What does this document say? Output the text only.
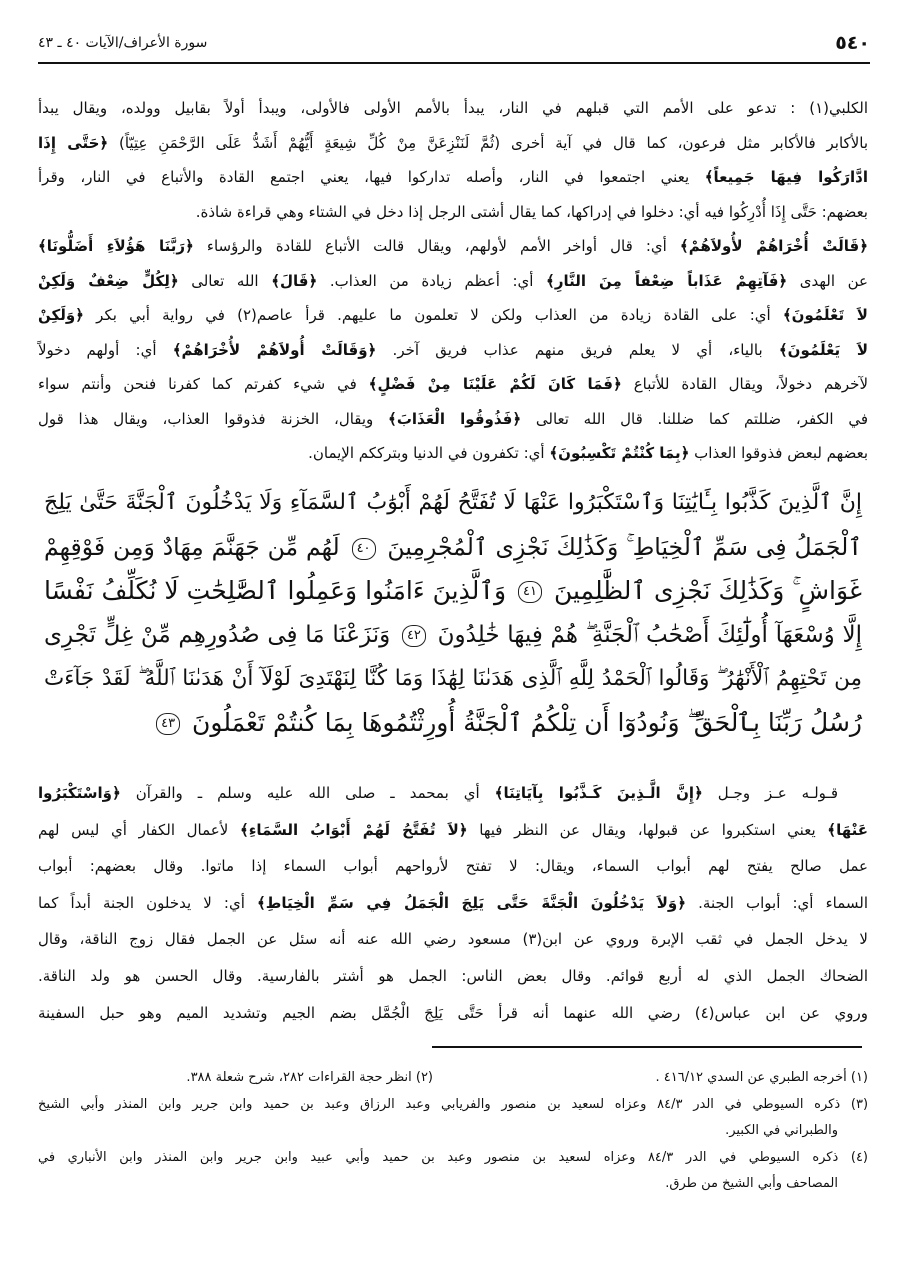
٥٤٠
سورة الأعراف/الآيات ٤٠ ـ ٤٣
الكلبي(١) : تدعو على الأمم التي قبلهم في النار، يبدأ بالأمم الأولى فالأولى، ويبدأ أولاً بقابيل وولده، ويقال يبدأ
بالأكابر فالأكابر مثل فرعون، كما قال في آية أخرى (ثُمَّ لَنَنْزِعَنَّ مِنْ كُلِّ شِيعَةٍ أَيُّهُمْ أَشَدُّ عَلَى الرَّحْمَنِ عِتِيّاً) ﴿حَتَّى إِذَا
ادَّارَكُوا فِيهَا جَمِيعاً﴾ يعني اجتمعوا في النار، وأصله تداركوا فيها، يعني اجتمع القادة والأتباع في النار، وقرأ
بعضهم: حَتَّى إِذَا أُدْرِكُوا فيه أي: دخلوا في إدراكها، كما يقال أشتى الرجل إذا دخل في الشتاء وهي قراءة شاذة.
﴿قَالَتْ أُخْرَاهُمْ لأُولاَهُمْ﴾ أي: قال أواخر الأمم لأولهم، ويقال قالت الأتباع للقادة والرؤساء ﴿رَبَّنَا هَؤُلاَءِ أَضَلُّونَا﴾
عن الهدى ﴿فَآتِهِمْ عَذَاباً ضِعْفاً مِنَ النَّارِ﴾ أي: أعظم زيادة من العذاب. ﴿قَالَ﴾ الله تعالى ﴿لِكُلٍّ ضِعْفٌ وَلَكِنْ
لاَ تَعْلَمُونَ﴾ أي: على القادة زيادة من العذاب ولكن لا تعلمون ما عليهم. قرأ عاصم(٢) في رواية أبي بكر ﴿وَلَكِنْ
لاَ يَعْلَمُونَ﴾ بالياء، أي لا يعلم فريق منهم عذاب فريق آخر. ﴿وَقَالَتْ أُولاَهُمْ لأُخْرَاهُمْ﴾ أي: أولهم دخولاً
لآخرهم دخولاً، ويقال القادة للأتباع ﴿فَمَا كَانَ لَكُمْ عَلَيْنَا مِنْ فَضْلٍ﴾ في شيء كفرتم كما كفرنا فنحن وأنتم سواء
في الكفر، ضللتم كما ضللنا. قال الله تعالى ﴿فَذُوقُوا الْعَذَابَ﴾ ويقال، الخزنة فذوقوا العذاب، ويقال هذا قول
بعضهم لبعض فذوقوا العذاب ﴿بِمَا كُنْتُمْ تَكْسِبُونَ﴾ أي: تكفرون في الدنيا وبترككم الإيمان.
إِنَّ ٱلَّذِينَ كَذَّبُوا بِـَٔايَٰتِنَا وَٱسْتَكْبَرُوا عَنْهَا لَا تُفَتَّحُ لَهُمْ أَبْوَٰبُ ٱلسَّمَآءِ وَلَا يَدْخُلُونَ ٱلْجَنَّةَ حَتَّىٰ يَلِجَ
ٱلْجَمَلُ فِى سَمِّ ٱلْخِيَاطِ ۚ وَكَذَٰلِكَ نَجْزِى ٱلْمُجْرِمِينَ ٤٠ لَهُم مِّن جَهَنَّمَ مِهَادٌ وَمِن فَوْقِهِمْ
غَوَاشٍ ۚ وَكَذَٰلِكَ نَجْزِى ٱلظَّٰلِمِينَ ٤١ وَٱلَّذِينَ ءَامَنُوا وَعَمِلُوا ٱلصَّٰلِحَٰتِ لَا نُكَلِّفُ نَفْسًا
إِلَّا وُسْعَهَآ أُولَٰٓئِكَ أَصْحَٰبُ ٱلْجَنَّةِ ۖ هُمْ فِيهَا خَٰلِدُونَ ٤٢ وَنَزَعْنَا مَا فِى صُدُورِهِم مِّنْ غِلٍّ تَجْرِى
مِن تَحْتِهِمُ ٱلْأَنْهَٰرُ ۖ وَقَالُوا ٱلْحَمْدُ لِلَّهِ ٱلَّذِى هَدَىٰنَا لِهَٰذَا وَمَا كُنَّا لِنَهْتَدِىَ لَوْلَآ أَنْ هَدَىٰنَا ٱللَّهُ ۖ لَقَدْ جَآءَتْ
رُسُلُ رَبِّنَا بِٱلْحَقِّ ۖ وَنُودُوٓا أَن تِلْكُمُ ٱلْجَنَّةُ أُورِثْتُمُوهَا بِمَا كُنتُمْ تَعْمَلُونَ ٤٣
قـولـه عـز وجـل ﴿إِنَّ الَّـذِينَ كَـذَّبُوا بِآيَاتِنَا﴾ أي بمحمد ـ صلى الله عليه وسلم ـ والقرآن ﴿وَاسْتَكْبَرُوا
عَنْهَا﴾ يعني استكبروا عن قبولها، ويقال عن النظر فيها ﴿لاَ تُفَتَّحُ لَهُمْ أَبْوَابُ السَّمَاءِ﴾ لأعمال الكفار أي ليس لهم
عمل صالح يفتح لهم أبواب السماء، ويقال: لا تفتح لأرواحهم أبواب السماء إذا ماتوا. وقال بعضهم: أبواب
السماء أي: أبواب الجنة. ﴿وَلاَ يَدْخُلُونَ الْجَنَّةَ حَتَّى يَلِجَ الْجَمَلُ فِي سَمِّ الْخِيَاطِ﴾ أي: لا يدخلون الجنة أبداً كما
لا يدخل الجمل في ثقب الإبرة وروي عن ابن(٣) مسعود رضي الله عنه أنه سئل عن الجمل فقال زوج الناقة، وقال
الضحاك الجمل الذي له أربع قوائم. وقال بعض الناس: الجمل هو أشتر بالفارسية. وقال الحسن هو ولد الناقة.
وروي عن ابن عباس(٤) رضي الله عنهما أنه قرأ حَتَّى يَلِجَ الْجُمَّل بضم الجيم وتشديد الميم وهو حبل السفينة
(١) أخرجه الطبري عن السدي ٤١٦/١٢ .
(٢) انظر حجة القراءات ٢٨٢، شرح شعلة ٣٨٨.
(٣) ذكره السيوطي في الدر ٨٤/٣ وعزاه لسعيد بن منصور والفريابي وعبد الرزاق وعبد بن حميد وابن جرير وابن المنذر وأبي الشيخ
والطبراني في الكبير.
(٤) ذكره السيوطي في الدر ٨٤/٣ وعزاه لسعيد بن منصور وعبد بن حميد وأبي عبيد وابن جرير وابن المنذر وابن الأنباري في
المصاحف وأبي الشيخ من طرق.
